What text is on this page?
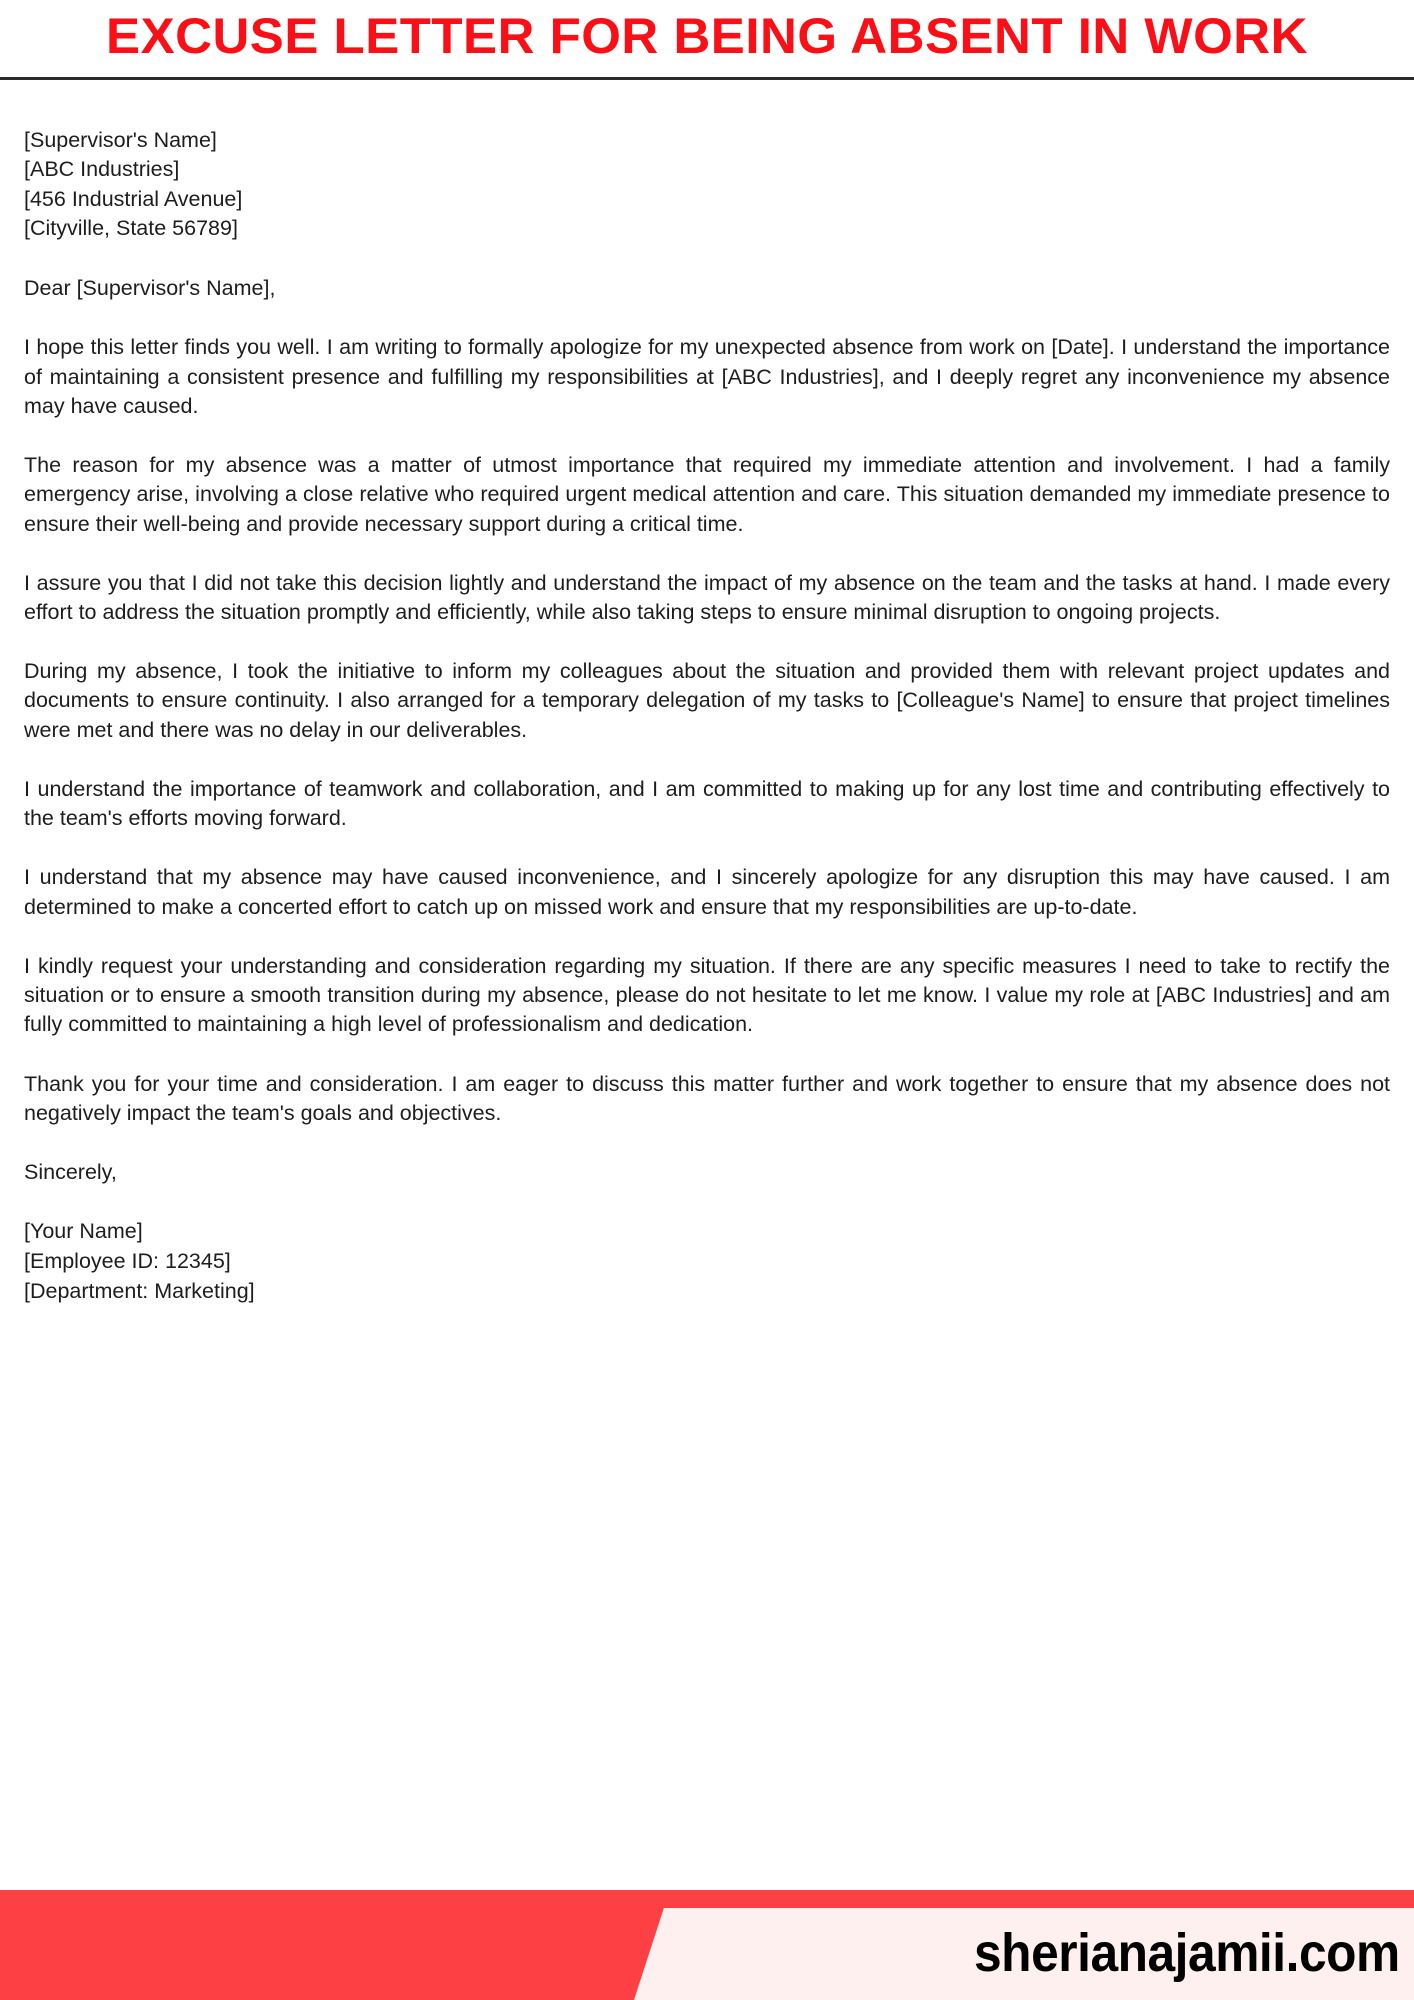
EXCUSE LETTER FOR BEING ABSENT IN WORK
[Supervisor's Name]
[ABC Industries]
[456 Industrial Avenue]
[Cityville, State 56789]

Dear [Supervisor's Name],

I hope this letter finds you well. I am writing to formally apologize for my unexpected absence from work on [Date]. I understand the importance of maintaining a consistent presence and fulfilling my responsibilities at [ABC Industries], and I deeply regret any inconvenience my absence may have caused.

The reason for my absence was a matter of utmost importance that required my immediate attention and involvement. I had a family emergency arise, involving a close relative who required urgent medical attention and care. This situation demanded my immediate presence to ensure their well-being and provide necessary support during a critical time.

I assure you that I did not take this decision lightly and understand the impact of my absence on the team and the tasks at hand. I made every effort to address the situation promptly and efficiently, while also taking steps to ensure minimal disruption to ongoing projects.

During my absence, I took the initiative to inform my colleagues about the situation and provided them with relevant project updates and documents to ensure continuity. I also arranged for a temporary delegation of my tasks to [Colleague's Name] to ensure that project timelines were met and there was no delay in our deliverables.

I understand the importance of teamwork and collaboration, and I am committed to making up for any lost time and contributing effectively to the team's efforts moving forward.

I understand that my absence may have caused inconvenience, and I sincerely apologize for any disruption this may have caused. I am determined to make a concerted effort to catch up on missed work and ensure that my responsibilities are up-to-date.

I kindly request your understanding and consideration regarding my situation. If there are any specific measures I need to take to rectify the situation or to ensure a smooth transition during my absence, please do not hesitate to let me know. I value my role at [ABC Industries] and am fully committed to maintaining a high level of professionalism and dedication.

Thank you for your time and consideration. I am eager to discuss this matter further and work together to ensure that my absence does not negatively impact the team's goals and objectives.

Sincerely,

[Your Name]
[Employee ID: 12345]
[Department: Marketing]
sherianajamii.com
